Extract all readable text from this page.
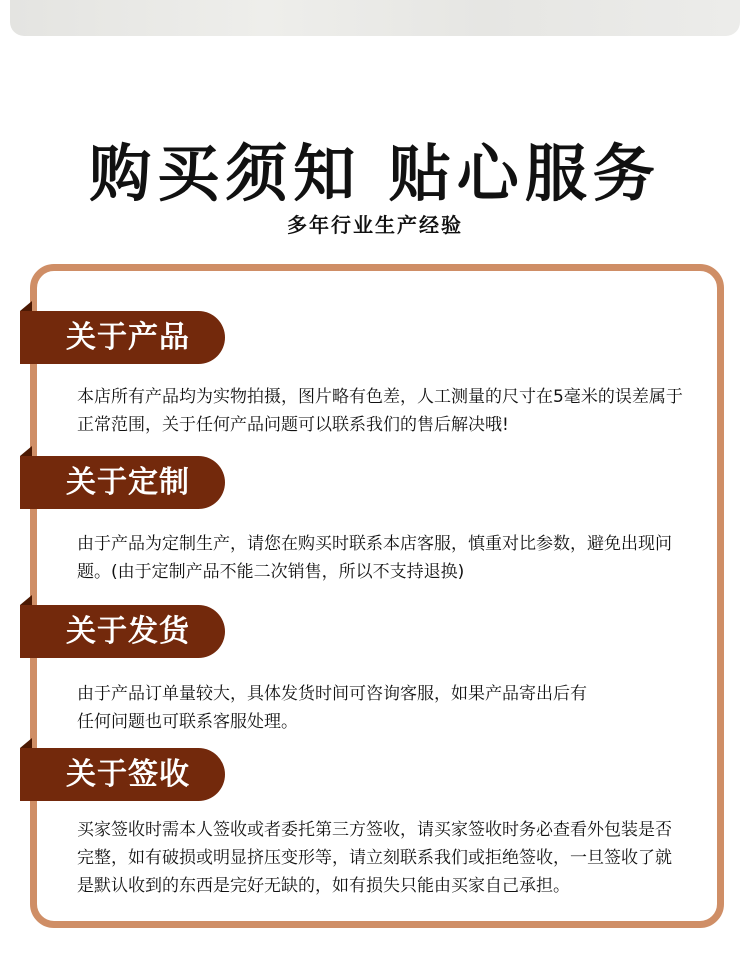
购买须知 贴心服务
多年行业生产经验
关于产品

本店所有产品均为实物拍摄，图片略有色差，人工测量的尺寸在5毫米的误差属于正常范围，关于任何产品问题可以联系我们的售后解决哦!

关于定制

由于产品为定制生产，请您在购买时联系本店客服，慎重对比参数，避免出现问题。(由于定制产品不能二次销售，所以不支持退换)

关于发货

由于产品订单量较大，具体发货时间可咨询客服，如果产品寄出后有任何问题也可联系客服处理。

关于签收

买家签收时需本人签收或者委托第三方签收，请买家签收时务必查看外包装是否完整，如有破损或明显挤压变形等，请立刻联系我们或拒绝签收，一旦签收了就是默认收到的东西是完好无缺的，如有损失只能由买家自己承担。
